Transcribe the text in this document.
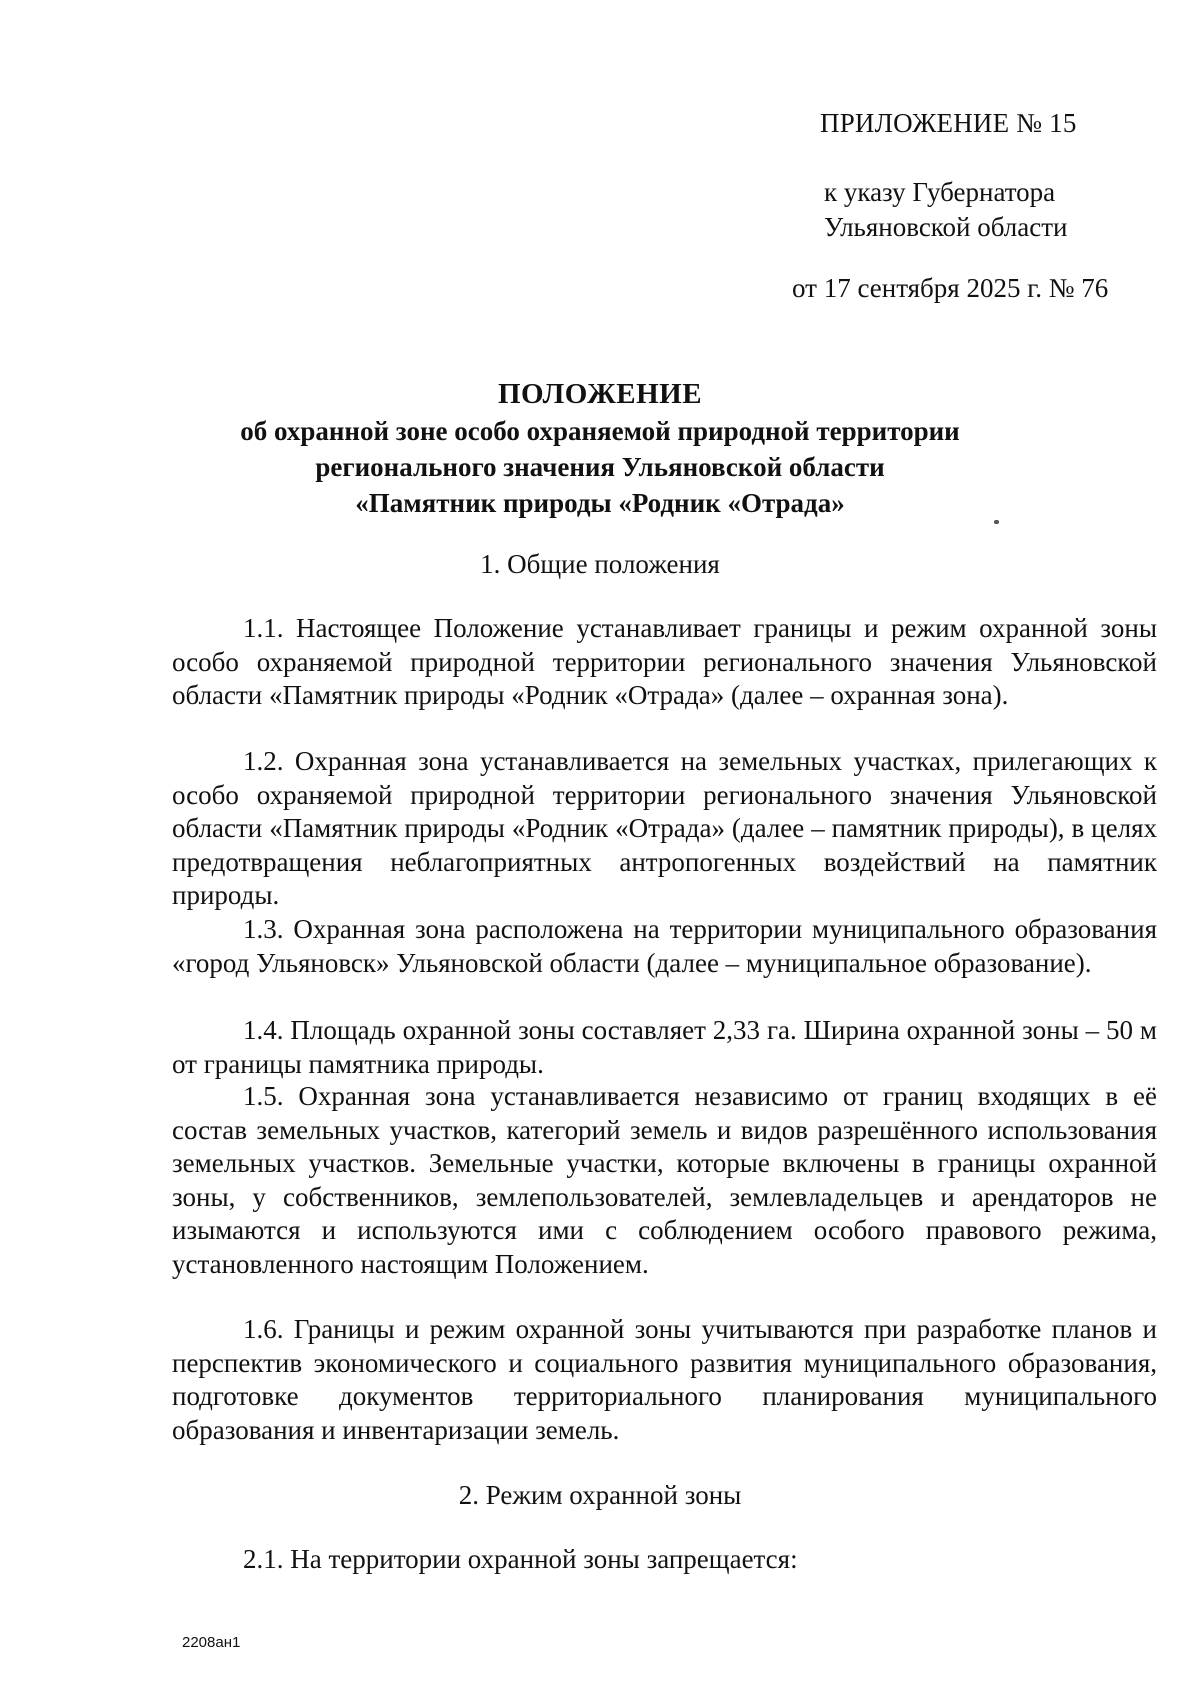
ПРИЛОЖЕНИЕ № 15
к указу Губернатора
Ульяновской области
от 17 сентября 2025 г. № 76
ПОЛОЖЕНИЕ
об охранной зоне особо охраняемой природной территории
регионального значения Ульяновской области
«Памятник природы «Родник «Отрада»
1. Общие положения

1.1. Настоящее Положение устанавливает границы и режим охранной зоны особо охраняемой природной территории регионального значения Ульяновской области «Памятник природы «Родник «Отрада» (далее – охранная зона).

1.2. Охранная зона устанавливается на земельных участках, прилегающих к особо охраняемой природной территории регионального значения Ульяновской области «Памятник природы «Родник «Отрада» (далее – памятник природы), в целях предотвращения неблагоприятных антропогенных воздействий на памятник природы.

1.3. Охранная зона расположена на территории муниципального образования «город Ульяновск» Ульяновской области (далее – муниципальное образование).

1.4. Площадь охранной зоны составляет 2,33 га. Ширина охранной зоны – 50 м от границы памятника природы.

1.5. Охранная зона устанавливается независимо от границ входящих в её состав земельных участков, категорий земель и видов разрешённого использования земельных участков. Земельные участки, которые включены в границы охранной зоны, у собственников, землепользователей, землевладельцев и арендаторов не изымаются и используются ими с соблюдением особого правового режима, установленного настоящим Положением.

1.6. Границы и режим охранной зоны учитываются при разработке планов и перспектив экономического и социального развития муниципального образования, подготовке документов территориального планирования муниципального образования и инвентаризации земель.

2. Режим охранной зоны

2.1. На территории охранной зоны запрещается:

2208ан1
